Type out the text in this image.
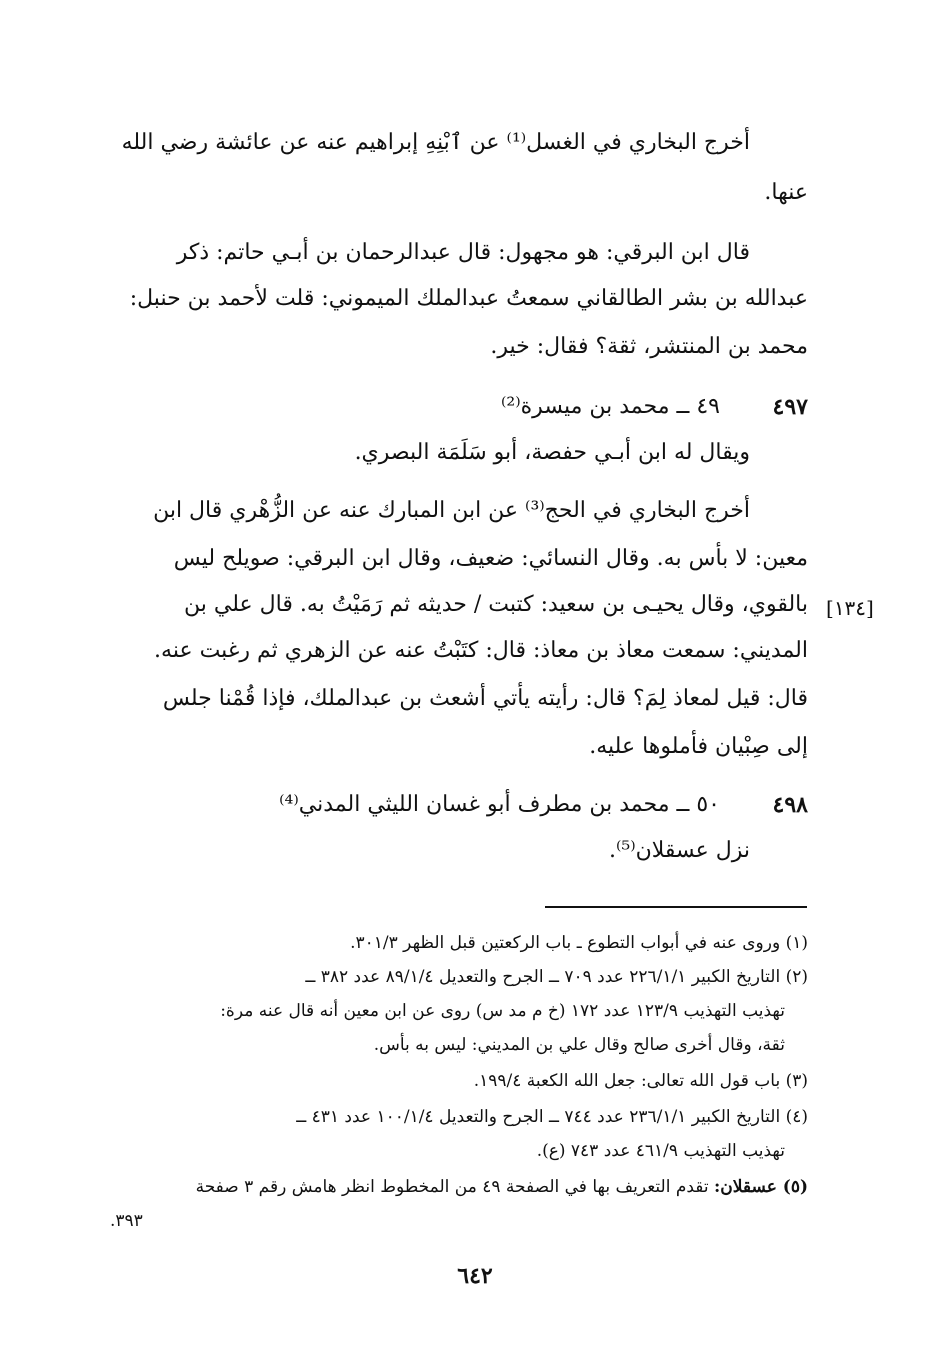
أخرج البخاري في الغسل⁽¹⁾ عن ٱبْنِهِ إبراهيم عنه عن عائشة رضي الله
عنها.
قال ابن البرقي: هو مجهول: قال عبدالرحمان بن أبـي حاتم: ذكر
عبدالله بن بشر الطالقاني سمعتُ عبدالملك الميموني: قلت لأحمد بن حنبل:
محمد بن المنتشر، ثقة؟ فقال: خير.
٤٩٧
٤٩ ــ محمد بن ميسرة⁽²⁾
ويقال له ابن أبـي حفصة، أبو سَلَمَة البصري.
أخرج البخاري في الحج⁽³⁾ عن ابن المبارك عنه عن الزُّهْري قال ابن
معين: لا بأس به. وقال النسائي: ضعيف، وقال ابن البرقي: صويلح ليس
بالقوي، وقال يحيـى بن سعيد: كتبت / حديثه ثم رَمَيْتُ به. قال علي بن
المديني: سمعت معاذ بن معاذ: قال: كتَبْتُ عنه عن الزهري ثم رغبت عنه.
قال: قيل لمعاذ لِمَ؟ قال: رأيته يأتي أشعث بن عبدالملك، فإذا قُمْنا جلس
إلى صِبْيان فأملوها عليه.
[١٣٤]
٤٩٨
٥٠ ــ محمد بن مطرف أبو غسان الليثي المدني⁽⁴⁾
نزل عسقلان⁽⁵⁾.
(١) وروى عنه في أبواب التطوع ـ باب الركعتين قبل الظهر ٣٠١/٣.
(٢) التاريخ الكبير ٢٢٦/١/١ عدد ٧٠٩ ــ الجرح والتعديل ٨٩/١/٤ عدد ٣٨٢ ــ
تهذيب التهذيب ١٢٣/٩ عدد ١٧٢ (خ م مد س) روى عن ابن معين أنه قال عنه مرة:
ثقة، وقال أخرى صالح وقال علي بن المديني: ليس به بأس.
(٣) باب قول الله تعالى: جعل الله الكعبة ١٩٩/٤.
(٤) التاريخ الكبير ٢٣٦/١/١ عدد ٧٤٤ ــ الجرح والتعديل ١٠٠/١/٤ عدد ٤٣١ ــ
تهذيب التهذيب ٤٦١/٩ عدد ٧٤٣ (ع).
(٥) عسقلان: تقدم التعريف بها في الصفحة ٤٩ من المخطوط انظر هامش رقم ٣ صفحة
٣٩٣.
٦٤٢
